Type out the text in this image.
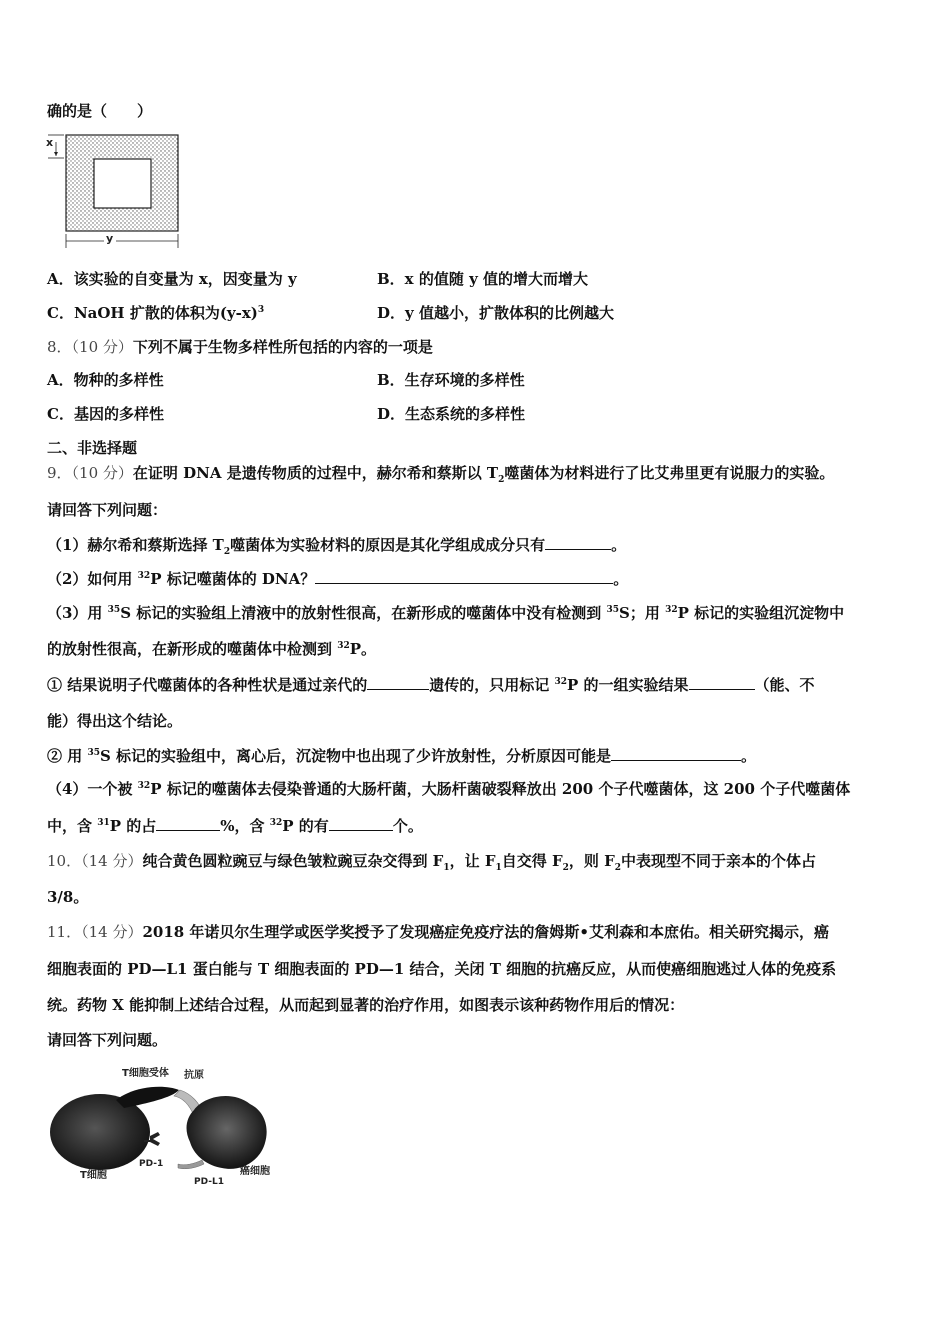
确的是（　　）
x
y
A．该实验的自变量为 x，因变量为 y	B．x 的值随 y 值的增大而增大
C．NaOH 扩散的体积为$(y-x)^3$	D．y 值越小，扩散体积的比例越大
8．（10 分）下列不属于生物多样性所包括的内容的一项是
A．物种的多样性	B．生存环境的多样性
C．基因的多样性	D．生态系统的多样性
二、非选择题
9．（10 分）在证明 DNA 是遗传物质的过程中，赫尔希和蔡斯以 $T_2$噬菌体为材料进行了比艾弗里更有说服力的实验。
请回答下列问题：
（1）赫尔希和蔡斯选择 $T_2$噬菌体为实验材料的原因是其化学组成成分只有	。
（2）如何用 $^{32}$P 标记噬菌体的 DNA？	。
（3）用 $^{35}$S 标记的实验组上清液中的放射性很高，在新形成的噬菌体中没有检测到 $^{35}$S；用 $^{32}$P 标记的实验组沉淀物中
的放射性很高，在新形成的噬菌体中检测到 $^{32}$P。
① 结果说明子代噬菌体的各种性状是通过亲代的	遗传的，只用标记 $^{32}$P 的一组实验结果	（能、不
能）得出这个结论。
② 用 $^{35}$S 标记的实验组中，离心后，沉淀物中也出现了少许放射性，分析原因可能是	。
（4）一个被 $^{32}$P 标记的噬菌体去侵染普通的大肠杆菌，大肠杆菌破裂释放出 200 个子代噬菌体，这 200 个子代噬菌体
中，含 $^{31}$P 的占	%，含 $^{32}$P 的有	个。
10．（14 分）纯合黄色圆粒豌豆与绿色皱粒豌豆杂交得到 $F_1$，让 $F_1$自交得 $F_2$，则 $F_2$中表现型不同于亲本的个体占
3/8。
11．（14 分）2018 年诺贝尔生理学或医学奖授予了发现癌症免疫疗法的詹姆斯•艾利森和本庶佑。相关研究揭示，癌
细胞表面的 PD—L1 蛋白能与 T 细胞表面的 PD—1 结合，关闭 T 细胞的抗癌反应，从而使癌细胞逃过人体的免疫系
统。药物 X 能抑制上述结合过程，从而起到显著的治疗作用，如图表示该种药物作用后的情况：
请回答下列问题。
T细胞受体 抗原
PD-1
T细胞
PD-L1
癌细胞
